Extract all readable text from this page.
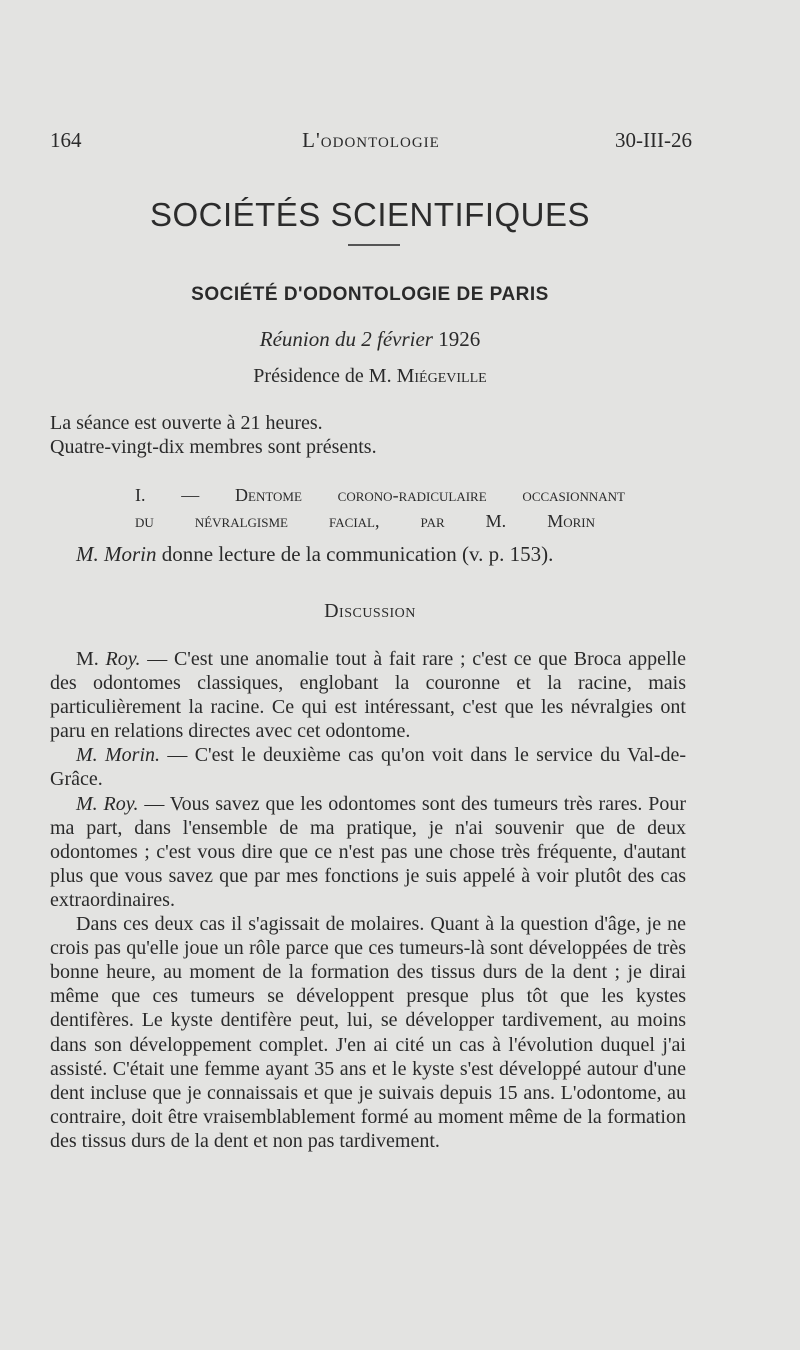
164	L'odontologie	30-III-26
SOCIÉTÉS SCIENTIFIQUES
SOCIÉTÉ D'ODONTOLOGIE DE PARIS
Réunion du 2 février 1926
Présidence de M. Miégeville
La séance est ouverte à 21 heures.
Quatre-vingt-dix membres sont présents.
I. — Dentome corono-radiculaire occasionnant
du névralgisme facial, par M. Morin
M. Morin donne lecture de la communication (v. p. 153).
Discussion

M. Roy. — C'est une anomalie tout à fait rare ; c'est ce que Broca appelle des odontomes classiques, englobant la couronne et la racine, mais particulièrement la racine. Ce qui est intéressant, c'est que les névralgies ont paru en relations directes avec cet odontome.

M. Morin. — C'est le deuxième cas qu'on voit dans le service du Val-de-Grâce.

M. Roy. — Vous savez que les odontomes sont des tumeurs très rares. Pour ma part, dans l'ensemble de ma pratique, je n'ai souvenir que de deux odontomes ; c'est vous dire que ce n'est pas une chose très fréquente, d'autant plus que vous savez que par mes fonctions je suis appelé à voir plutôt des cas extraordinaires.

Dans ces deux cas il s'agissait de molaires. Quant à la question d'âge, je ne crois pas qu'elle joue un rôle parce que ces tumeurs-là sont développées de très bonne heure, au moment de la formation des tissus durs de la dent ; je dirai même que ces tumeurs se développent presque plus tôt que les kystes dentifères. Le kyste dentifère peut, lui, se développer tardivement, au moins dans son développement complet. J'en ai cité un cas à l'évolution duquel j'ai assisté. C'était une femme ayant 35 ans et le kyste s'est développé autour d'une dent incluse que je connaissais et que je suivais depuis 15 ans. L'odontome, au contraire, doit être vraisemblablement formé au moment même de la formation des tissus durs de la dent et non pas tardivement.
